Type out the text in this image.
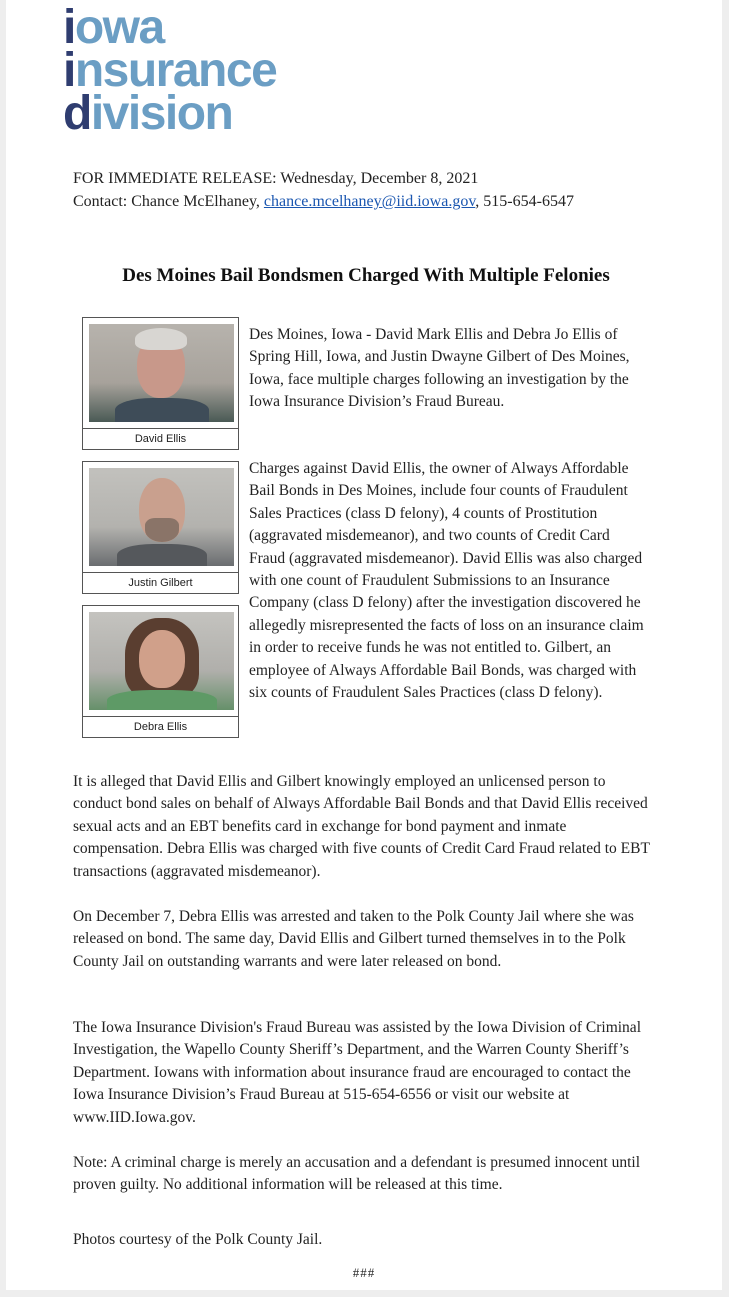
iowa
insurance
division
FOR IMMEDIATE RELEASE: Wednesday, December 8, 2021
Contact: Chance McElhaney, chance.mcelhaney@iid.iowa.gov, 515-654-6547
Des Moines Bail Bondsmen Charged With Multiple Felonies
David Ellis
Justin Gilbert
Debra Ellis
Des Moines, Iowa - David Mark Ellis and Debra Jo Ellis of Spring Hill, Iowa, and Justin Dwayne Gilbert of Des Moines, Iowa, face multiple charges following an investigation by the Iowa Insurance Division’s Fraud Bureau.
Charges against David Ellis, the owner of Always Affordable Bail Bonds in Des Moines, include four counts of Fraudulent Sales Practices (class D felony), 4 counts of Prostitution (aggravated misdemeanor), and two counts of Credit Card Fraud (aggravated misdemeanor). David Ellis was also charged with one count of Fraudulent Submissions to an Insurance Company (class D felony) after the investigation discovered he allegedly misrepresented the facts of loss on an insurance claim in order to receive funds he was not entitled to. Gilbert, an employee of Always Affordable Bail Bonds, was charged with six counts of Fraudulent Sales Practices (class D felony).
It is alleged that David Ellis and Gilbert knowingly employed an unlicensed person to conduct bond sales on behalf of Always Affordable Bail Bonds and that David Ellis received sexual acts and an EBT benefits card in exchange for bond payment and inmate compensation. Debra Ellis was charged with five counts of Credit Card Fraud related to EBT transactions (aggravated misdemeanor).
On December 7, Debra Ellis was arrested and taken to the Polk County Jail where she was released on bond. The same day, David Ellis and Gilbert turned themselves in to the Polk County Jail on outstanding warrants and were later released on bond.
The Iowa Insurance Division's Fraud Bureau was assisted by the Iowa Division of Criminal Investigation, the Wapello County Sheriff’s Department, and the Warren County Sheriff’s Department. Iowans with information about insurance fraud are encouraged to contact the Iowa Insurance Division’s Fraud Bureau at 515-654-6556 or visit our website at www.IID.Iowa.gov.
Note: A criminal charge is merely an accusation and a defendant is presumed innocent until proven guilty. No additional information will be released at this time.
Photos courtesy of the Polk County Jail.
###
